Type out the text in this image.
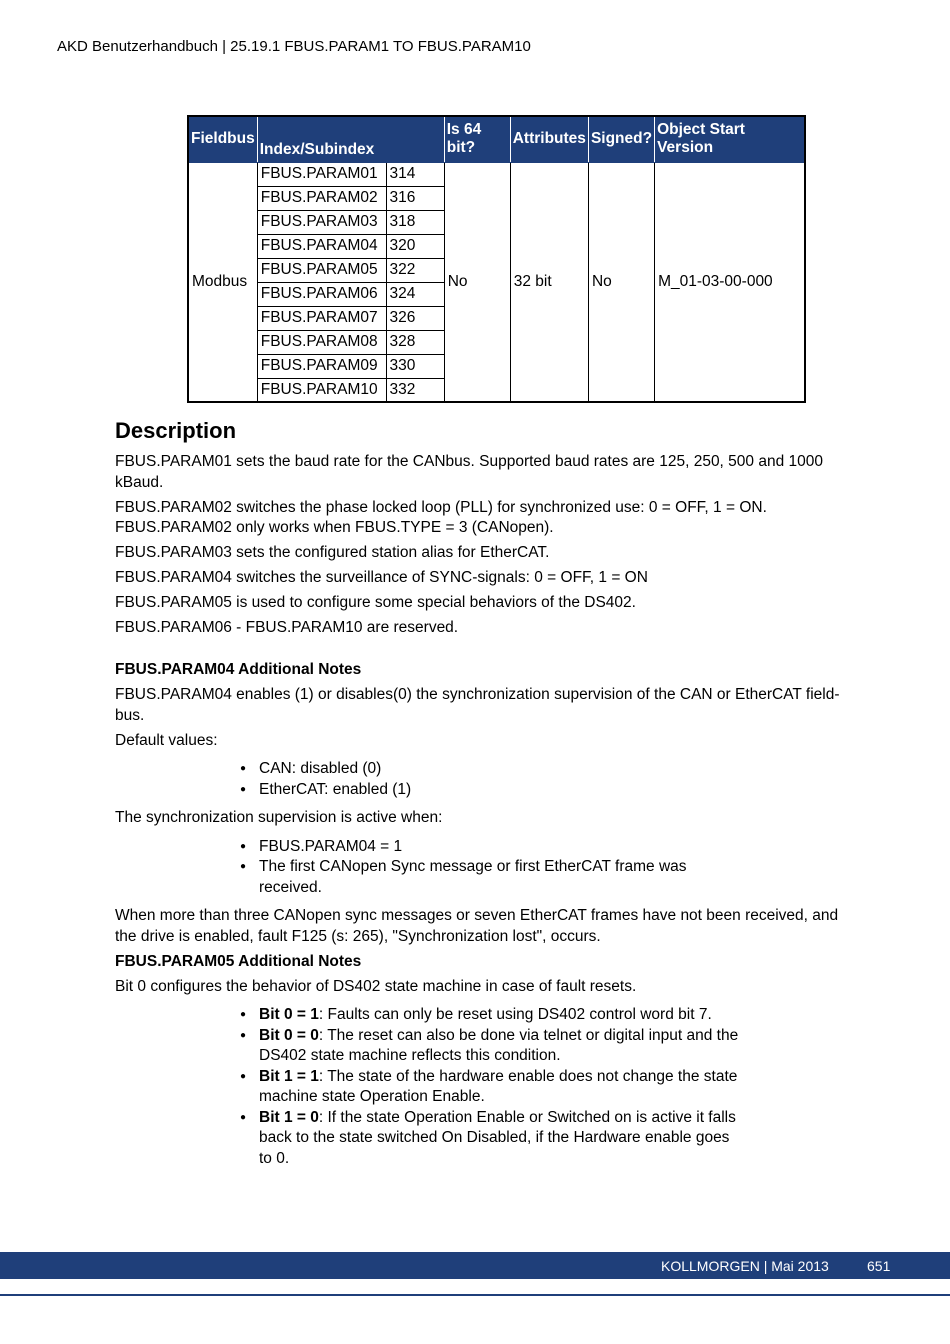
AKD Benutzerhandbuch | 25.19.1 FBUS.PARAM1 TO FBUS.PARAM10
Fieldbus	Index/Subindex		Is 64 bit?	Attributes	Signed?	Object Start Version
Modbus	FBUS.PARAM01	314	No	32 bit	No	M_01-03-00-000
	FBUS.PARAM02	316				
	FBUS.PARAM03	318				
	FBUS.PARAM04	320				
	FBUS.PARAM05	322				
	FBUS.PARAM06	324				
	FBUS.PARAM07	326				
	FBUS.PARAM08	328				
	FBUS.PARAM09	330				
	FBUS.PARAM10	332				
Description

FBUS.PARAM01 sets the baud rate for the CANbus. Supported baud rates are 125, 250, 500 and 1000 kBaud.

FBUS.PARAM02 switches the phase locked loop (PLL) for synchronized use: 0 = OFF, 1 = ON. FBUS.PARAM02 only works when FBUS.TYPE = 3 (CANopen).

FBUS.PARAM03 sets the configured station alias for EtherCAT.

FBUS.PARAM04 switches the surveillance of SYNC-signals: 0 = OFF, 1 = ON

FBUS.PARAM05 is used to configure some special behaviors of the DS402.

FBUS.PARAM06 - FBUS.PARAM10 are reserved.

FBUS.PARAM04 Additional Notes

FBUS.PARAM04 enables (1) or disables(0) the synchronization supervision of the CAN or EtherCAT field-bus.

Default values:

● CAN: disabled (0)
● EtherCAT: enabled (1)

The synchronization supervision is active when:

● FBUS.PARAM04 = 1
● The first CANopen Sync message or first EtherCAT frame was received.

When more than three CANopen sync messages or seven EtherCAT frames have not been received, and the drive is enabled, fault F125 (s: 265), "Synchronization lost", occurs.

FBUS.PARAM05 Additional Notes

Bit 0 configures the behavior of DS402 state machine in case of fault resets.

● Bit 0 = 1: Faults can only be reset using DS402 control word bit 7.
● Bit 0 = 0: The reset can also be done via telnet or digital input and the DS402 state machine reflects this condition.
● Bit 1 = 1: The state of the hardware enable does not change the state machine state Operation Enable.
● Bit 1 = 0: If the state Operation Enable or Switched on is active it falls back to the state switched On Disabled, if the Hardware enable goes to 0.
KOLLMORGEN | Mai 2013	651
